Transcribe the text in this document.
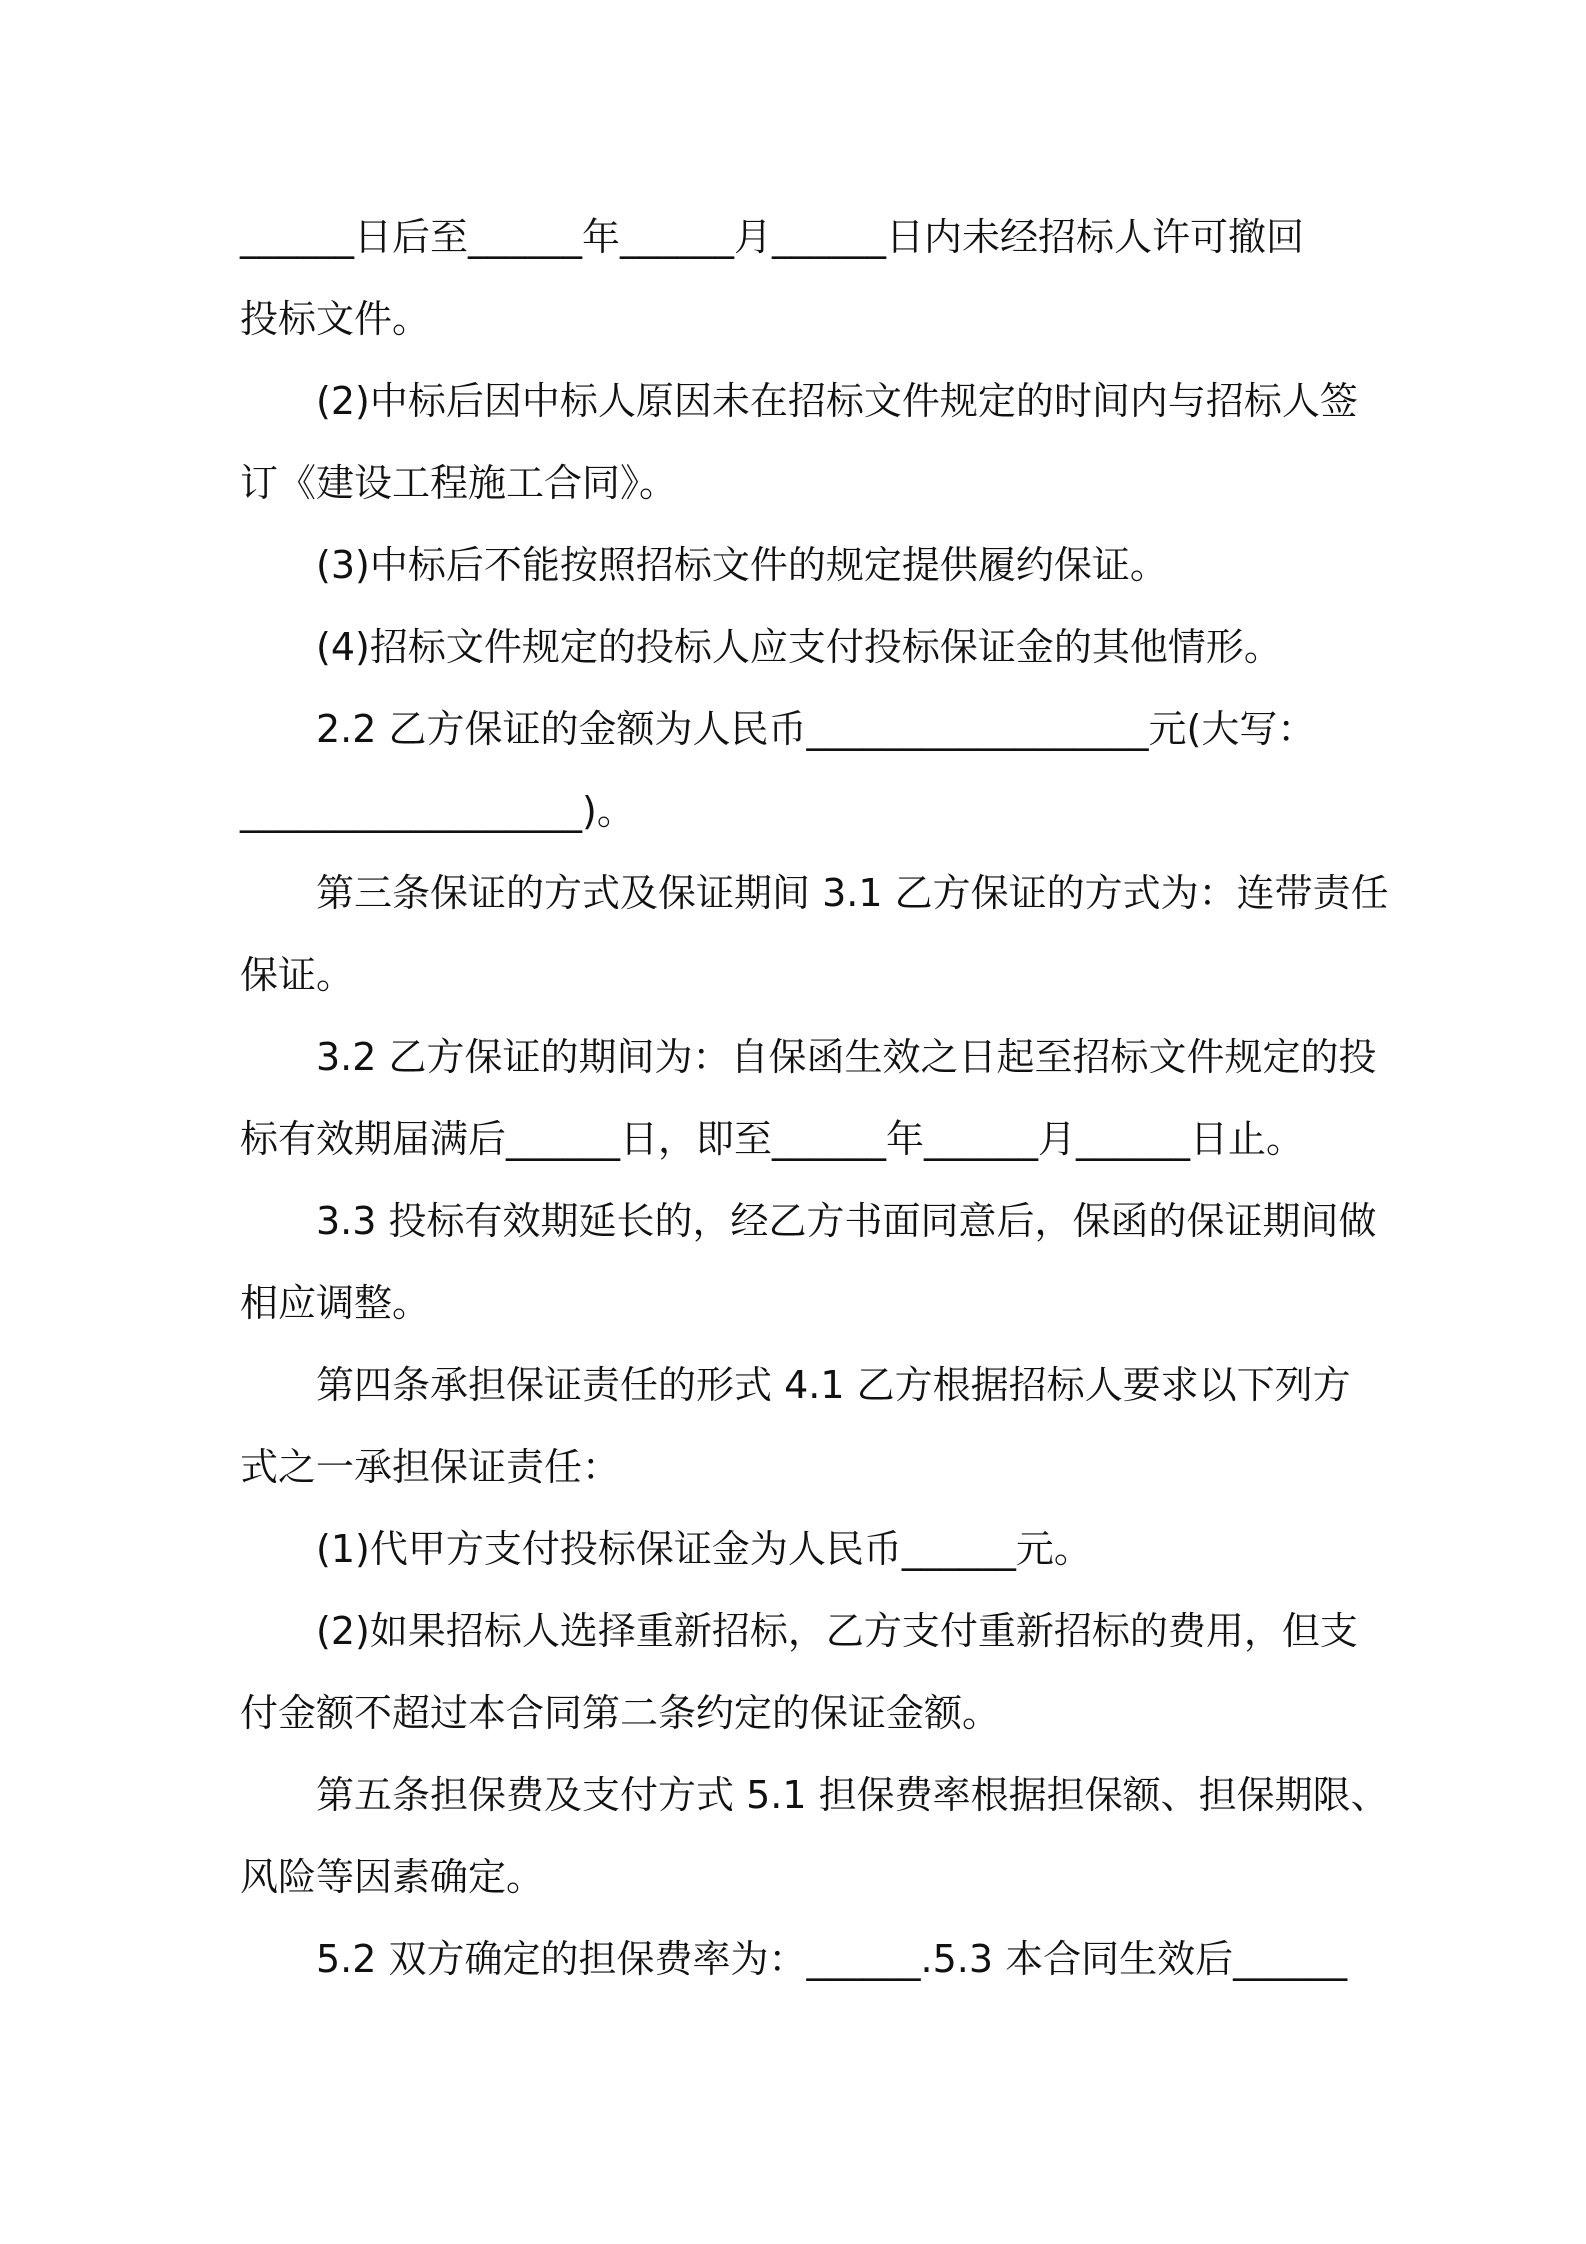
______日后至______年______月______日内未经招标人许可撤回

投标文件。

(2)中标后因中标人原因未在招标文件规定的时间内与招标人签

订《建设工程施工合同》。

(3)中标后不能按照招标文件的规定提供履约保证。

(4)招标文件规定的投标人应支付投标保证金的其他情形。

2.2 乙方保证的金额为人民币__________________元(大写：

__________________)。

第三条保证的方式及保证期间 3.1 乙方保证的方式为：连带责任

保证。

3.2 乙方保证的期间为：自保函生效之日起至招标文件规定的投

标有效期届满后______日，即至______年______月______日止。

3.3 投标有效期延长的，经乙方书面同意后，保函的保证期间做

相应调整。

第四条承担保证责任的形式 4.1 乙方根据招标人要求以下列方

式之一承担保证责任：

(1)代甲方支付投标保证金为人民币______元。

(2)如果招标人选择重新招标，乙方支付重新招标的费用，但支

付金额不超过本合同第二条约定的保证金额。

第五条担保费及支付方式 5.1 担保费率根据担保额、担保期限、

风险等因素确定。

5.2 双方确定的担保费率为：______.5.3 本合同生效后______
